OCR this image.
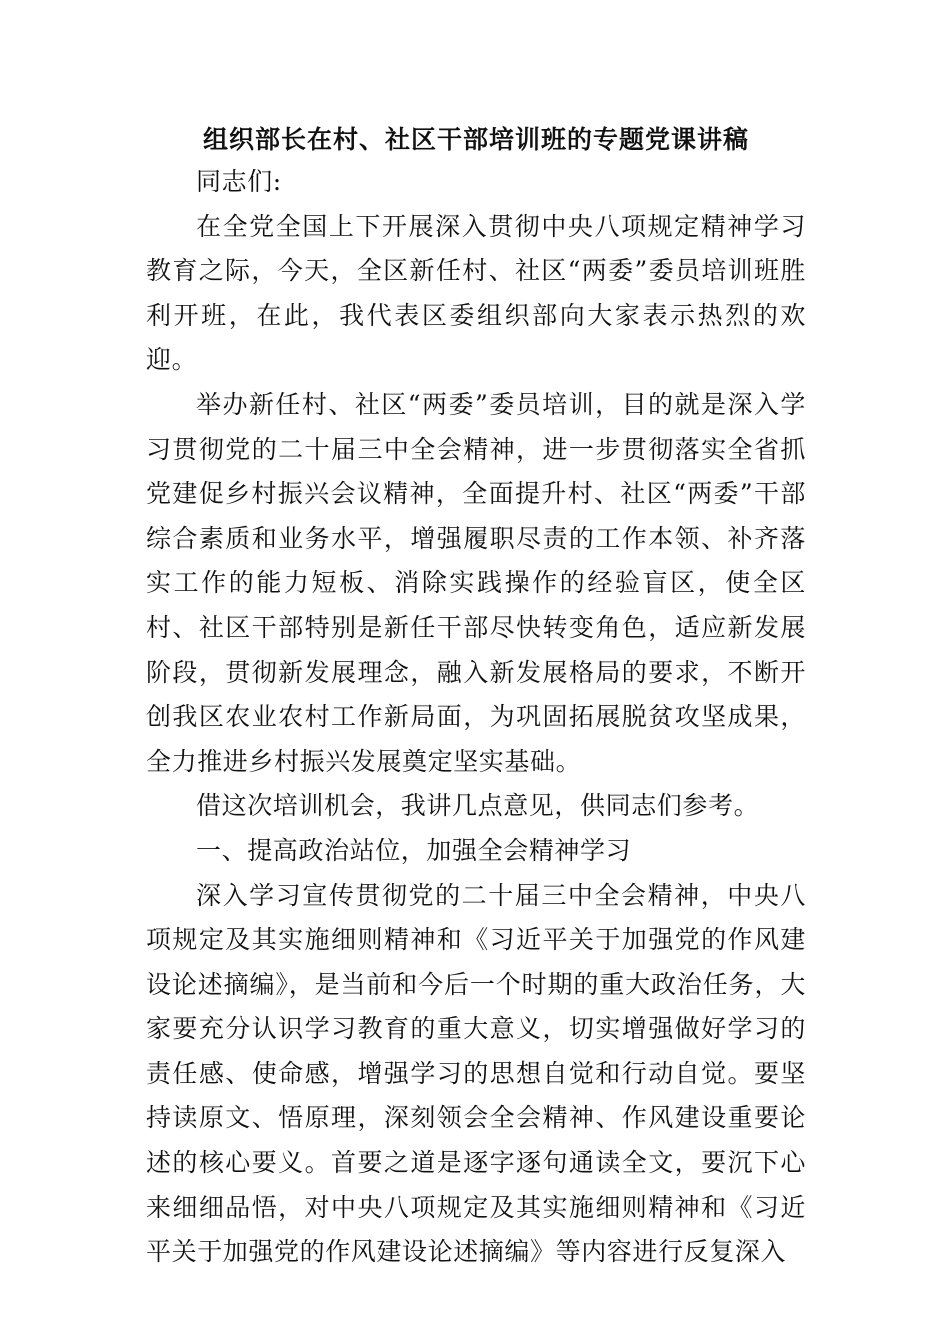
组织部长在村、社区干部培训班的专题党课讲稿

同志们:

在全党全国上下开展深入贯彻中央八项规定精神学习教育之际，今天，全区新任村、社区“两委”委员培训班胜利开班，在此，我代表区委组织部向大家表示热烈的欢迎。

举办新任村、社区“两委”委员培训，目的就是深入学习贯彻党的二十届三中全会精神，进一步贯彻落实全省抓党建促乡村振兴会议精神，全面提升村、社区“两委”干部综合素质和业务水平，增强履职尽责的工作本领、补齐落实工作的能力短板、消除实践操作的经验盲区，使全区村、社区干部特别是新任干部尽快转变角色，适应新发展阶段，贯彻新发展理念，融入新发展格局的要求，不断开创我区农业农村工作新局面，为巩固拓展脱贫攻坚成果，全力推进乡村振兴发展奠定坚实基础。

借这次培训机会，我讲几点意见，供同志们参考。

一、提高政治站位，加强全会精神学习

深入学习宣传贯彻党的二十届三中全会精神，中央八项规定及其实施细则精神和《习近平关于加强党的作风建设论述摘编》，是当前和今后一个时期的重大政治任务，大家要充分认识学习教育的重大意义，切实增强做好学习的责任感、使命感，增强学习的思想自觉和行动自觉。要坚持读原文、悟原理，深刻领会全会精神、作风建设重要论述的核心要义。首要之道是逐字逐句通读全文，要沉下心来细细品悟，对中央八项规定及其实施细则精神和《习近平关于加强党的作风建设论述摘编》等内容进行反复深入
